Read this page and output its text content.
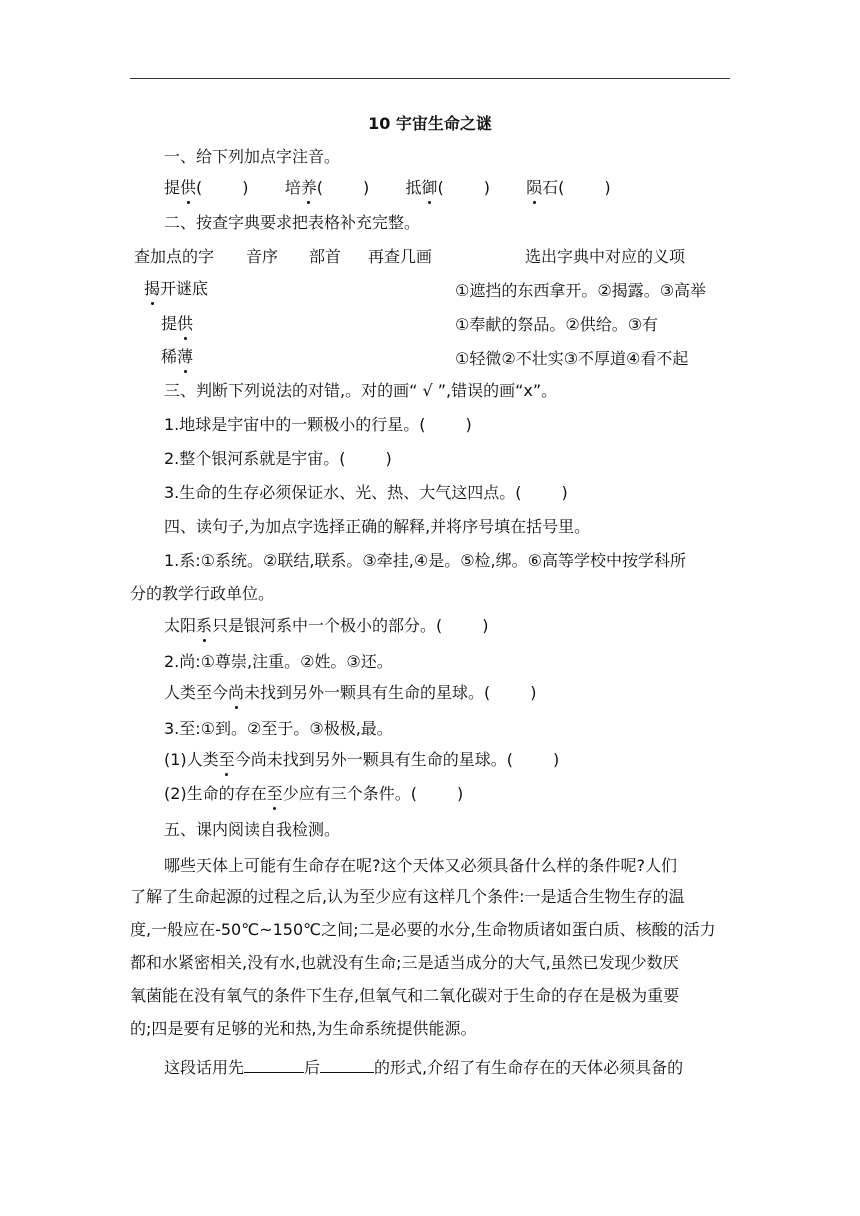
10 宇宙生命之谜
一、给下列加点字注音。
提供(	) 培养(	) 抵御(	) 陨石(	)
二、按查字典要求把表格补充完整。
查加点的字 音序 部首 再查几画	选出字典中对应的义项
揭开谜底	①遮挡的东西拿开。②揭露。③高举
提供	①奉献的祭品。②供给。③有
稀薄	①轻微②不壮实③不厚道④看不起
三、判断下列说法的对错,。对的画“ √ ”,错误的画“x”。
1.地球是宇宙中的一颗极小的行星。(	)
2.整个银河系就是宇宙。(	)
3.生命的生存必须保证水、光、热、大气这四点。(	)
四、读句子,为加点字选择正确的解释,并将序号填在括号里。
1.系:①系统。②联结,联系。③牵挂,④是。⑤检,绑。⑥高等学校中按学科所
分的教学行政单位。
太阳系只是银河系中一个极小的部分。(	)
2.尚:①尊崇,注重。②姓。③还。
人类至今尚未找到另外一颗具有生命的星球。(	)
3.至:①到。②至于。③极极,最。
(1)人类至今尚未找到另外一颗具有生命的星球。(	)
(2)生命的存在至少应有三个条件。(	)
五、课内阅读自我检测。
哪些天体上可能有生命存在呢?这个天体又必须具备什么样的条件呢?人们
了解了生命起源的过程之后,认为至少应有这样几个条件:一是适合生物生存的温
度,一般应在-50℃~150℃之间;二是必要的水分,生命物质诸如蛋白质、核酸的活力
都和水紧密相关,没有水,也就没有生命;三是适当成分的大气,虽然已发现少数厌
氧菌能在没有氧气的条件下生存,但氧气和二氧化碳对于生命的存在是极为重要
的;四是要有足够的光和热,为生命系统提供能源。
这段话用先	后	的形式,介绍了有生命存在的天体必须具备的
